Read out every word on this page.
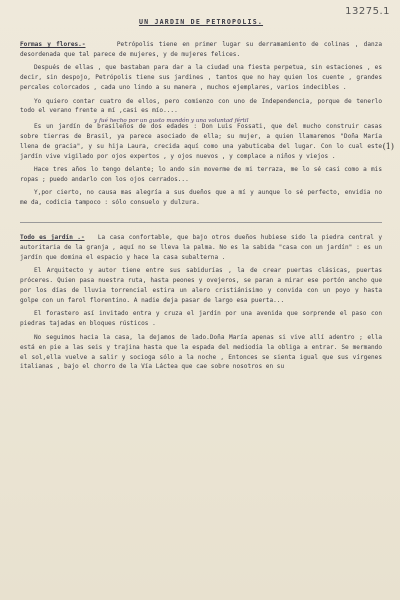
13275.1
UN JARDIN DE PETROPOLIS.
(1)

Formas y flores.-	Petrópolis tiene en primer lugar su derramamiento de colinas , danza desordenada que tal parece de mujeres, y de mujeres felices.

Después de ellas , que bastaban para dar a la ciudad una fiesta perpetua, sin estaciones , es decir, sin despojo, Petrópolis tiene sus jardines , tantos que no hay quien los cuente , grandes percales colorcados , cada uno lindo a su manera , muchos ejemplares, varios indecibles .

Yo quiero contar cuatro de ellos, pero comienzo con uno de Independencia, porque de tenerlo todo el verano frente a mí ,casi es mío....

y fué hecho por un gusto mandón y una voluntad fértil

Es un jardín de brasileños de dos edades : Don Luis Fossati, que del mucho construir casas sobre tierras de Brasil, ya parece asociado de ella; su mujer, a quien llamaremos "Doña María llena de gracia", y su hija Laura, crecida aquí como una yabuticaba del lugar. Con lo cual este jardín vive vigilado por ojos expertos , y ojos nuevos , y complace a niños y viejos .

Hace tres años lo tengo delante; lo ando sin moverme de mi terraza, me lo sé casi como a mis ropas ; puedo andarlo con los ojos cerrados...

Y,por cierto, no causa mas alegría a sus dueños que a mí y aunque lo sé perfecto, envidia no me da, codicia tampoco : sólo consuelo y dulzura.

Todo es jardín .- La casa confortable, que bajo otros dueños hubiese sido la piedra central y autoritaria de la granja , aquí no se lleva la palma. No es la sabida "casa con un jardín" : es un jardín que domina el espacio y hace la casa subalterna .

El Arquitecto y autor tiene entre sus sabidurías , la de crear puertas clásicas, puertas próceres. Quien pasa nuestra ruta, hasta peones y ovejeros, se paran a mirar ese portón ancho que por los días de lluvia torrencial estira un alero cristiánisimo y convida con un poyo y hasta golpe con un farol florentino. A nadie deja pasar de largo esa puerta...

El forastero así invitado entra y cruza el jardín por una avenida que sorprende el paso con piedras tajadas en bloques rústicos .

No seguimos hacia la casa, la dejamos de lado.Doña María apenas si vive allí adentro ; ella está en pie a las seis y trajina hasta que la espada del mediodía la obliga a entrar. Se mermando el sol,ella vuelve a salir y socioga sólo a la noche , Entonces se sienta igual que sus vírgenes italianas , bajo el chorro de la Vía Láctea que cae sobre nosotros en su
